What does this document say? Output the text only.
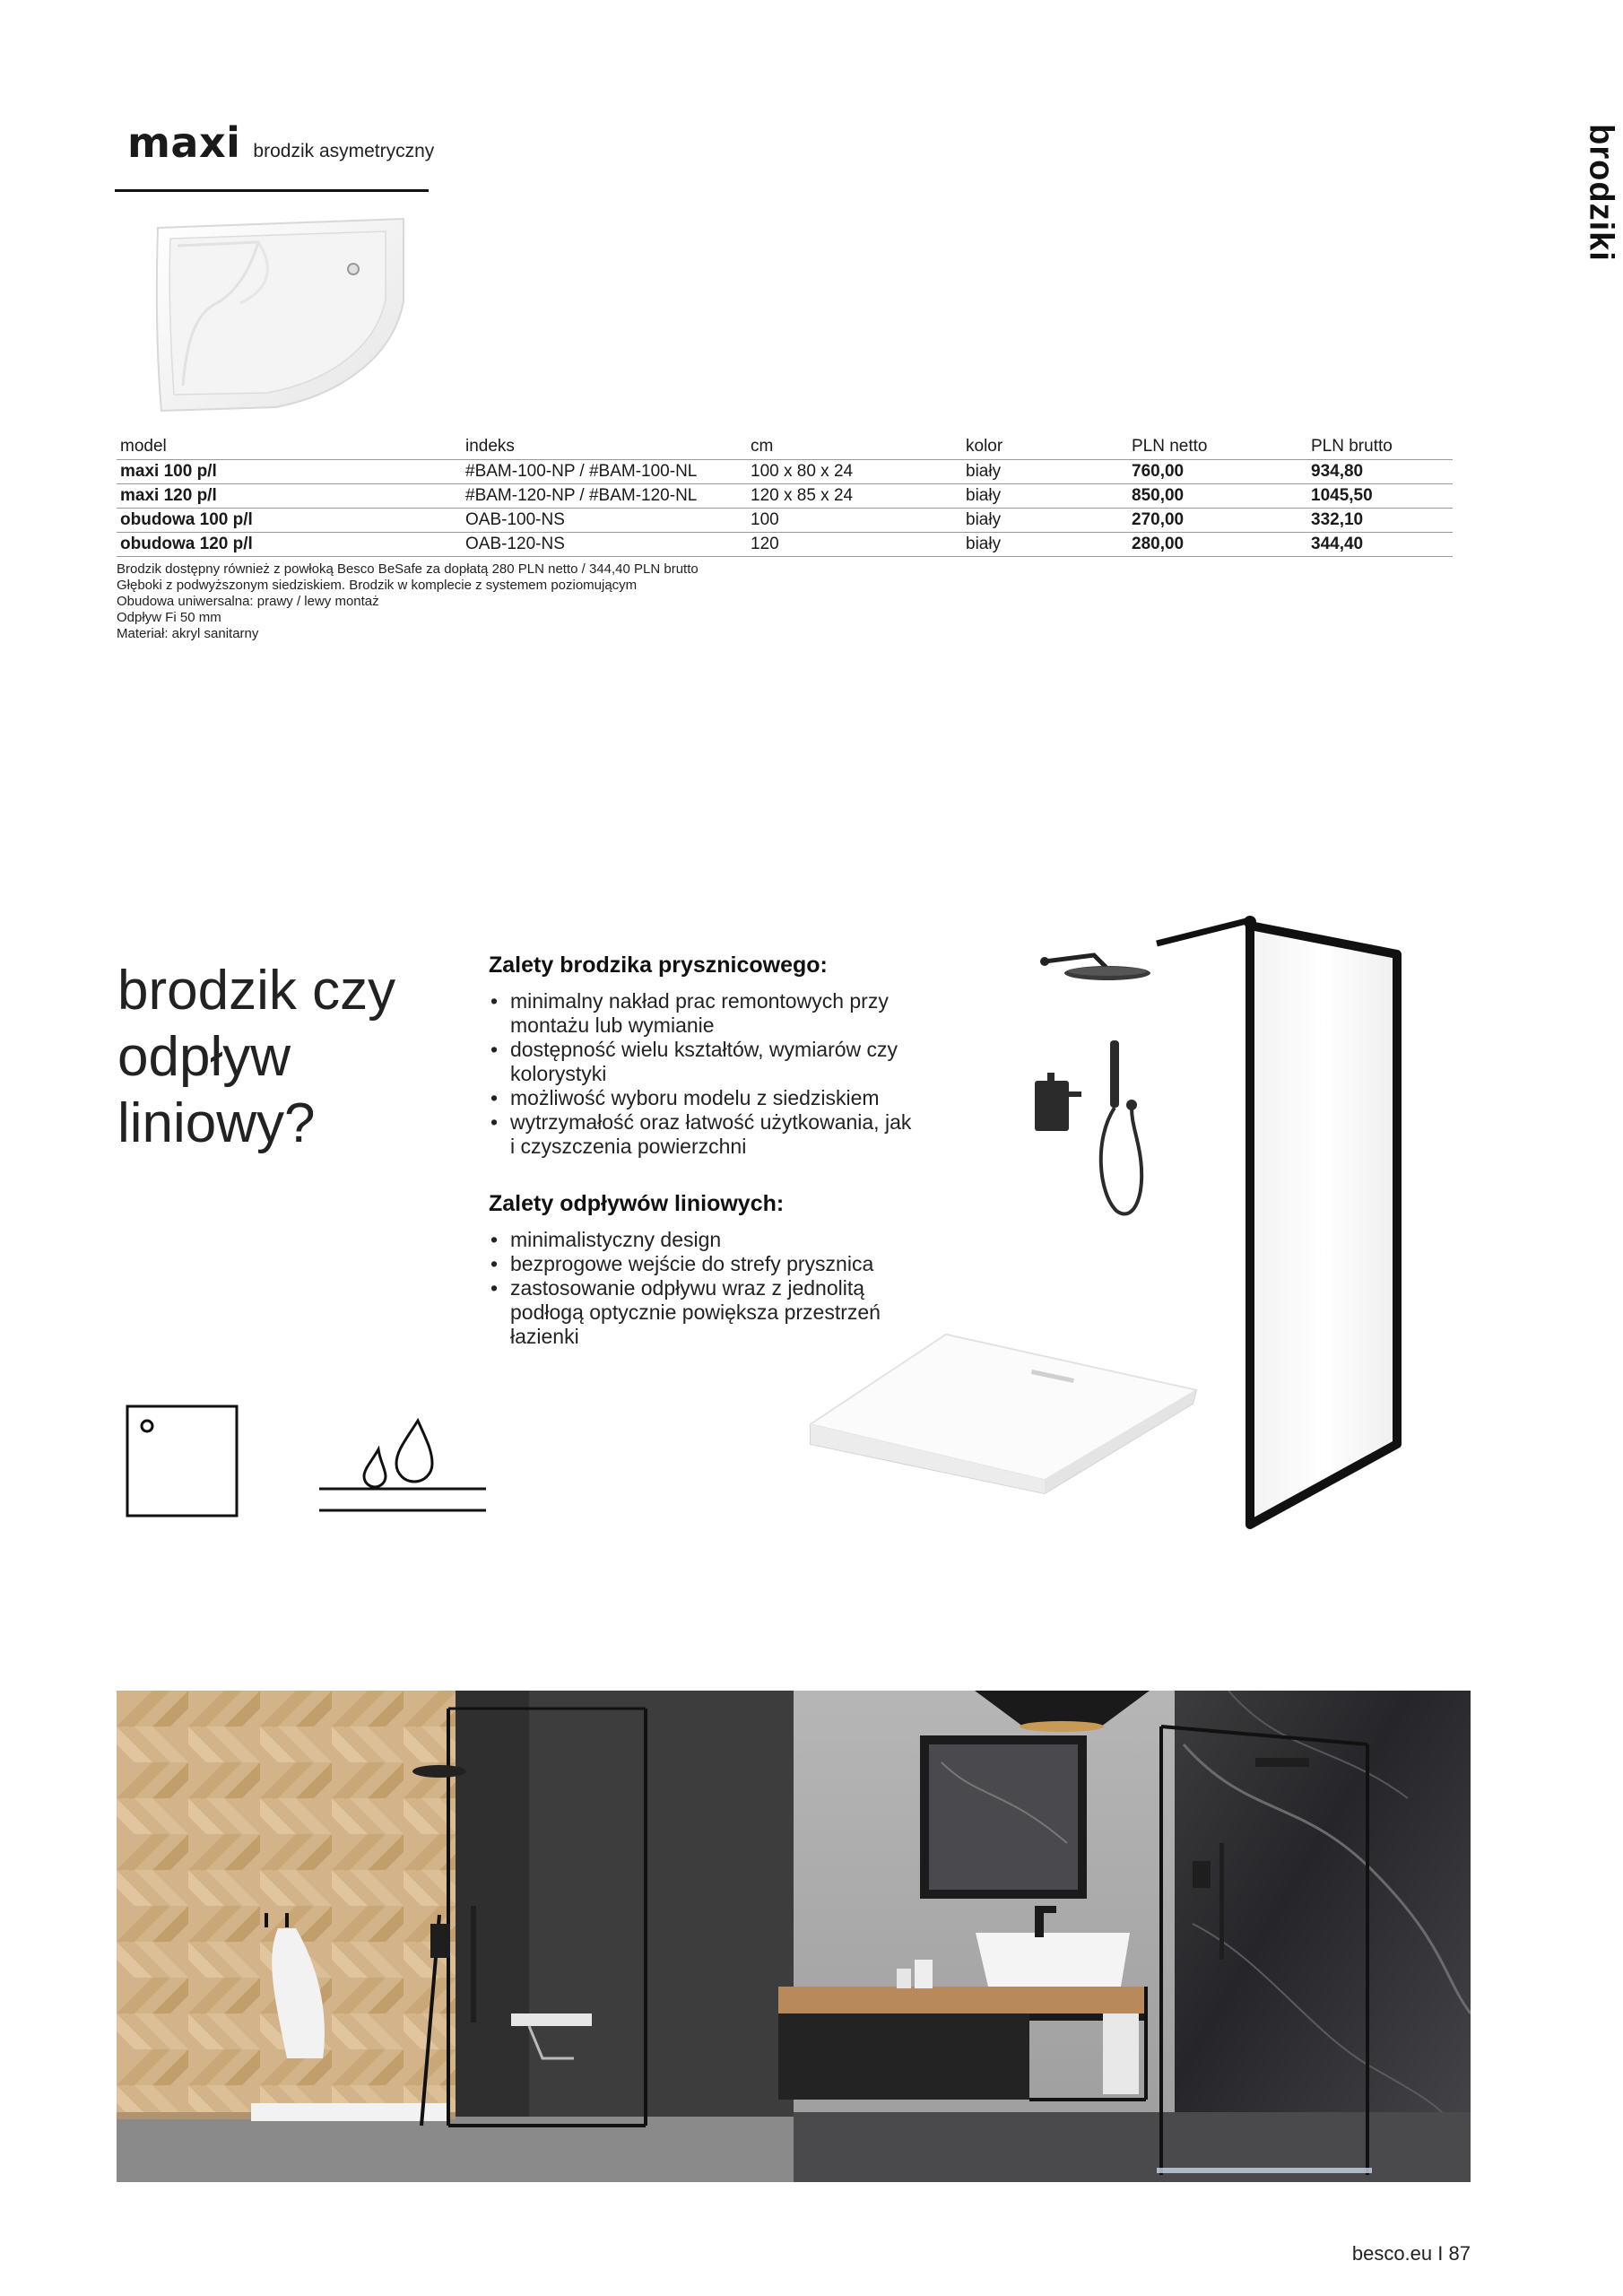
brodziki
maxi brodzik asymetryczny
model	indeks	cm	kolor	PLN netto	PLN brutto
maxi 100 p/l	#BAM-100-NP / #BAM-100-NL	100 x 80 x 24	biały	760,00	934,80
maxi 120 p/l	#BAM-120-NP / #BAM-120-NL	120 x 85 x 24	biały	850,00	1045,50
obudowa 100 p/l	OAB-100-NS	100	biały	270,00	332,10
obudowa 120 p/l	OAB-120-NS	120	biały	280,00	344,40
Brodzik dostępny również z powłoką Besco BeSafe za dopłatą 280 PLN netto / 344,40 PLN brutto
Głęboki z podwyższonym siedziskiem. Brodzik w komplecie z systemem poziomującym
Obudowa uniwersalna: prawy / lewy montaż
Odpływ Fi 50 mm
Materiał: akryl sanitarny
brodzik czy
odpływ
liniowy?
Zalety brodzika prysznicowego:
• minimalny nakład prac remontowych przy montażu lub wymianie
• dostępność wielu kształtów, wymiarów czy kolorystyki
• możliwość wyboru modelu z siedziskiem
• wytrzymałość oraz łatwość użytkowania, jak i czyszczenia powierzchni
Zalety odpływów liniowych:
• minimalistyczny design
• bezprogowe wejście do strefy prysznica
• zastosowanie odpływu wraz z jednolitą podłogą optycznie powiększa przestrzeń łazienki
besco.eu I 87
